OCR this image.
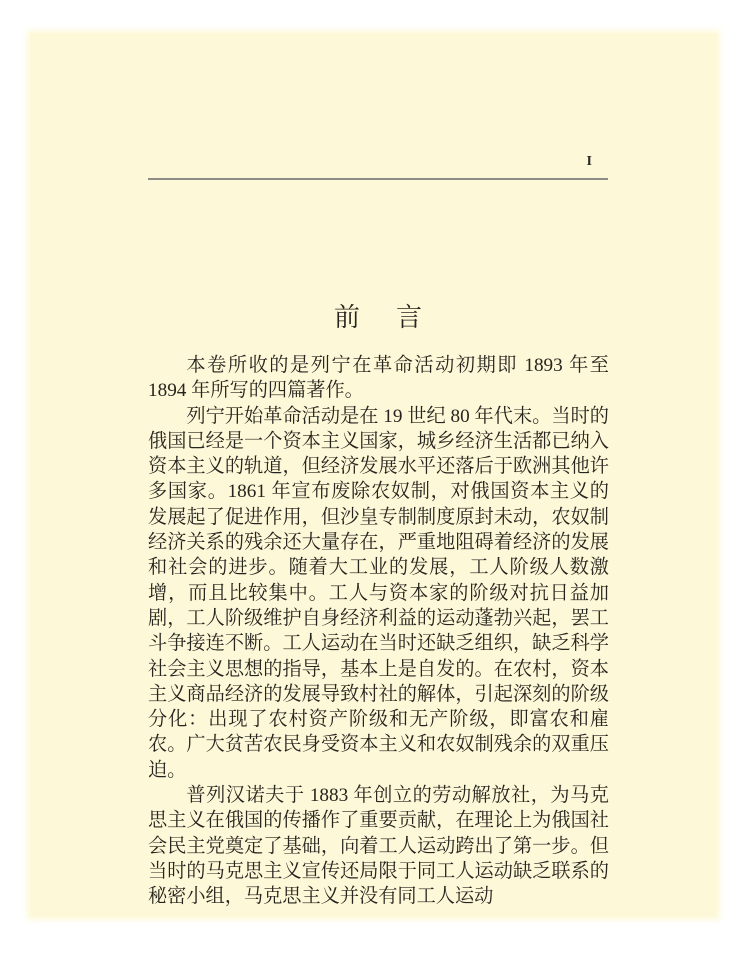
I
前　言

本卷所收的是列宁在革命活动初期即 1893 年至 1894 年所写的四篇著作。

列宁开始革命活动是在 19 世纪 80 年代末。当时的俄国已经是一个资本主义国家，城乡经济生活都已纳入资本主义的轨道，但经济发展水平还落后于欧洲其他许多国家。1861 年宣布废除农奴制，对俄国资本主义的发展起了促进作用，但沙皇专制制度原封未动，农奴制经济关系的残余还大量存在，严重地阻碍着经济的发展和社会的进步。随着大工业的发展，工人阶级人数激增，而且比较集中。工人与资本家的阶级对抗日益加剧，工人阶级维护自身经济利益的运动蓬勃兴起，罢工斗争接连不断。工人运动在当时还缺乏组织，缺乏科学社会主义思想的指导，基本上是自发的。在农村，资本主义商品经济的发展导致村社的解体，引起深刻的阶级分化：出现了农村资产阶级和无产阶级，即富农和雇农。广大贫苦农民身受资本主义和农奴制残余的双重压迫。

普列汉诺夫于 1883 年创立的劳动解放社，为马克思主义在俄国的传播作了重要贡献，在理论上为俄国社会民主党奠定了基础，向着工人运动跨出了第一步。但当时的马克思主义宣传还局限于同工人运动缺乏联系的秘密小组，马克思主义并没有同工人运动
